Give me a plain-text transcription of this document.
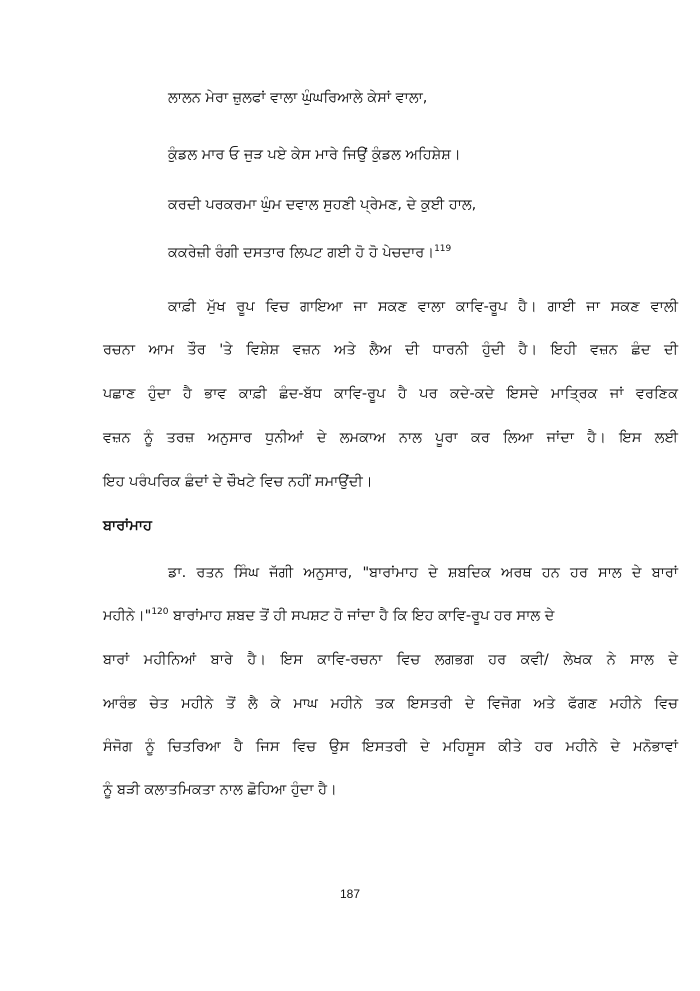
ਲਾਲਨ ਮੇਰਾ ਜ਼ੁਲਫਾਂ ਵਾਲਾ ਘੁੰਘਰਿਆਲੇ ਕੇਸਾਂ ਵਾਲਾ,
ਕੁੰਡਲ ਮਾਰ ਓ ਜੁੜ ਪਏ ਕੇਸ ਮਾਰੇ ਜਿਉਂ ਕੁੰਡਲ ਅਹਿਸ਼ੇਸ਼।
ਕਰਦੀ ਪਰਕਰਮਾ ਘੁੰਮ ਦਵਾਲ ਸੁਹਣੀ ਪ੍ਰੇਮਣ, ਦੇ ਕੁਈ ਹਾਲ,
ਕਕਰੇਜ਼ੀ ਰੰਗੀ ਦਸਤਾਰ ਲਿਪਟ ਗਈ ਹੋ ਹੋ ਪੇਚਦਾਰ।$^{119}$
ਕਾਫ਼ੀ ਮੁੱਖ ਰੂਪ ਵਿਚ ਗਾਇਆ ਜਾ ਸਕਣ ਵਾਲਾ ਕਾਵਿ-ਰੂਪ ਹੈ। ਗਾਈ ਜਾ ਸਕਣ ਵਾਲੀ
ਰਚਨਾ ਆਮ ਤੌਰ 'ਤੇ ਵਿਸ਼ੇਸ਼ ਵਜ਼ਨ ਅਤੇ ਲੈਅ ਦੀ ਧਾਰਨੀ ਹੁੰਦੀ ਹੈ। ਇਹੀ ਵਜ਼ਨ ਛੰਦ ਦੀ
ਪਛਾਣ ਹੁੰਦਾ ਹੈ ਭਾਵ ਕਾਫ਼ੀ ਛੰਦ-ਬੱਧ ਕਾਵਿ-ਰੂਪ ਹੈ ਪਰ ਕਦੇ-ਕਦੇ ਇਸਦੇ ਮਾਤ੍ਰਿਕ ਜਾਂ ਵਰਣਿਕ
ਵਜ਼ਨ ਨੂੰ ਤਰਜ਼ ਅਨੁਸਾਰ ਧੁਨੀਆਂ ਦੇ ਲਮਕਾਅ ਨਾਲ ਪੂਰਾ ਕਰ ਲਿਆ ਜਾਂਦਾ ਹੈ। ਇਸ ਲਈ
ਇਹ ਪਰੰਪਰਿਕ ਛੰਦਾਂ ਦੇ ਚੌਖਟੇ ਵਿਚ ਨਹੀਂ ਸਮਾਉਂਦੀ।
ਬਾਰਾਂਮਾਹ
ਡਾ. ਰਤਨ ਸਿੰਘ ਜੱਗੀ ਅਨੁਸਾਰ, "ਬਾਰਾਂਮਾਹ ਦੇ ਸ਼ਬਦਿਕ ਅਰਥ ਹਨ ਹਰ ਸਾਲ ਦੇ ਬਾਰਾਂ
ਮਹੀਨੇ।"$^{120}$ ਬਾਰਾਂਮਾਹ ਸ਼ਬਦ ਤੋਂ ਹੀ ਸਪਸ਼ਟ ਹੋ ਜਾਂਦਾ ਹੈ ਕਿ ਇਹ ਕਾਵਿ-ਰੂਪ ਹਰ ਸਾਲ ਦੇ
ਬਾਰਾਂ ਮਹੀਨਿਆਂ ਬਾਰੇ ਹੈ। ਇਸ ਕਾਵਿ-ਰਚਨਾ ਵਿਚ ਲਗਭਗ ਹਰ ਕਵੀ/ ਲੇਖਕ ਨੇ ਸਾਲ ਦੇ
ਆਰੰਭ ਚੇਤ ਮਹੀਨੇ ਤੋਂ ਲੈ ਕੇ ਮਾਘ ਮਹੀਨੇ ਤਕ ਇਸਤਰੀ ਦੇ ਵਿਜੋਗ ਅਤੇ ਫੱਗਣ ਮਹੀਨੇ ਵਿਚ
ਸੰਜੋਗ ਨੂੰ ਚਿਤਰਿਆ ਹੈ ਜਿਸ ਵਿਚ ਉਸ ਇਸਤਰੀ ਦੇ ਮਹਿਸੂਸ ਕੀਤੇ ਹਰ ਮਹੀਨੇ ਦੇ ਮਨੋਭਾਵਾਂ
ਨੂੰ ਬੜੀ ਕਲਾਤਮਿਕਤਾ ਨਾਲ ਛੋਹਿਆ ਹੁੰਦਾ ਹੈ।
187
